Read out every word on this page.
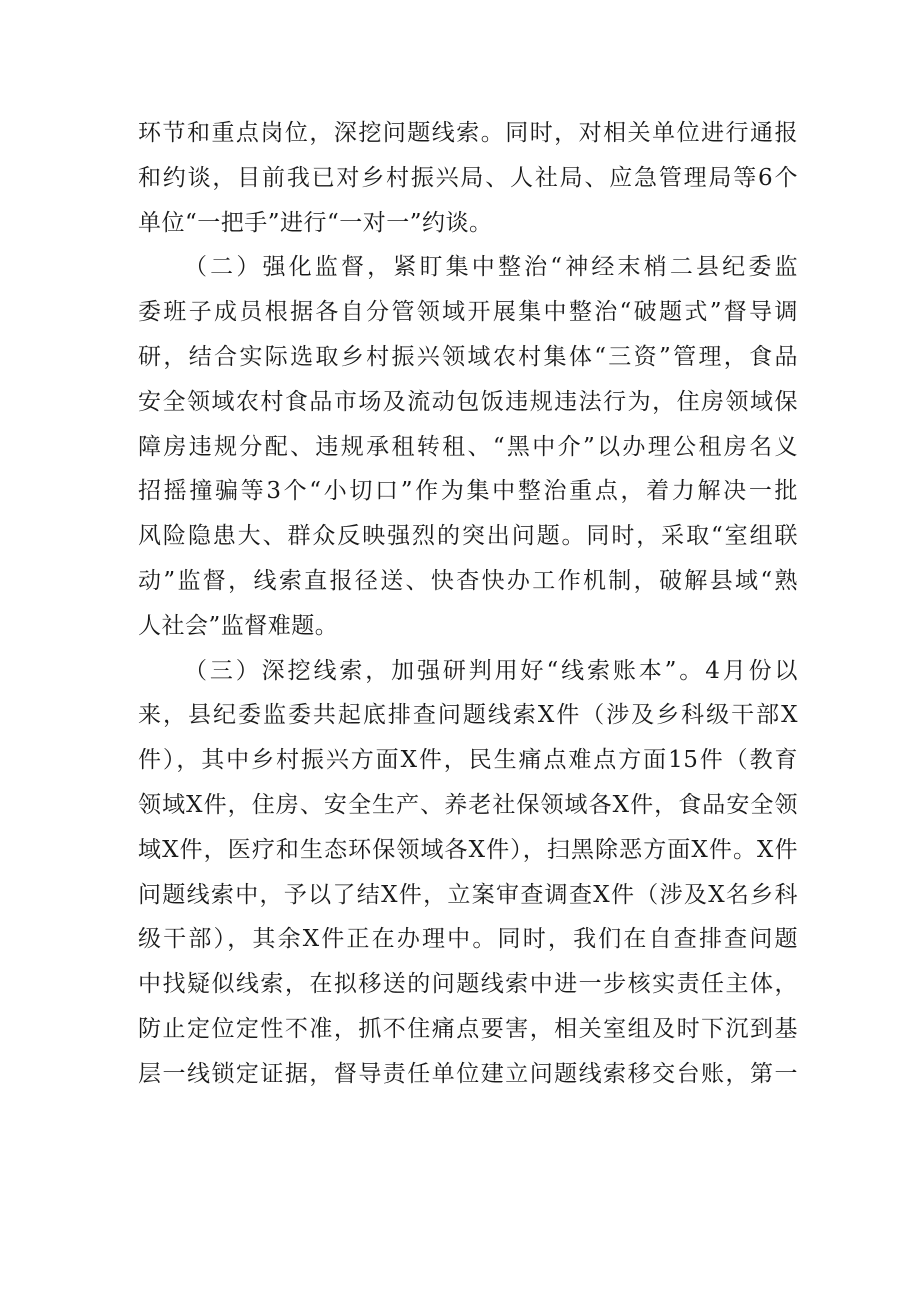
环节和重点岗位，深挖问题线索。同时，对相关单位进行通报
和约谈，目前我已对乡村振兴局、人社局、应急管理局等6个
单位“一把手”进行“一对一”约谈。
（二）强化监督，紧盯集中整治“神经末梢二县纪委监
委班子成员根据各自分管领域开展集中整治“破题式”督导调
研，结合实际选取乡村振兴领域农村集体“三资”管理，食品
安全领域农村食品市场及流动包饭违规违法行为，住房领域保
障房违规分配、违规承租转租、“黑中介”以办理公租房名义
招摇撞骗等3个“小切口”作为集中整治重点，着力解决一批
风险隐患大、群众反映强烈的突出问题。同时，采取“室组联
动”监督，线索直报径送、快杳快办工作机制，破解县域“熟
人社会”监督难题。
（三）深挖线索，加强研判用好“线索账本”。4月份以
来，县纪委监委共起底排查问题线索X件（涉及乡科级干部X
件），其中乡村振兴方面X件，民生痛点难点方面15件（教育
领域X件，住房、安全生产、养老社保领域各X件，食品安全领
域X件，医疗和生态环保领域各X件），扫黑除恶方面X件。X件
问题线索中，予以了结X件，立案审查调查X件（涉及X名乡科
级干部），其余X件正在办理中。同时，我们在自查排查问题
中找疑似线索，在拟移送的问题线索中进一步核实责任主体，
防止定位定性不准，抓不住痛点要害，相关室组及时下沉到基
层一线锁定证据，督导责任单位建立问题线索移交台账，第一
